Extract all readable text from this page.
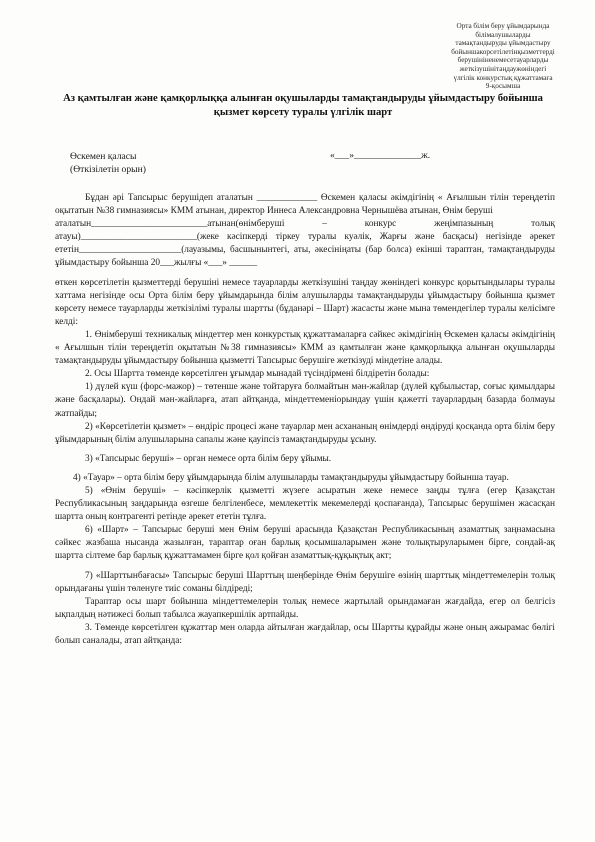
Орта білім беру ұйымдарында
білімалушыларды
тамақтандыруды ұйымдастыру
бойыншакорсетілетінқызметтерді
берушініненемесетауарларды
жеткізушінітаңдаужөніндегі
үлгілік конкурстық құжаттамаға
9-қосымша
Аз қамтылған және қамқорлыққа алынған оқушыларды тамақтандыруды ұйымдастыру бойынша қызмет көрсету туралы үлгілік шарт
Өскемен қаласы
(Өткізілетін орын)
«___»______________ж.

Бұдан әрі Тапсырыс берушідеп аталатын _____________ Өскемен қаласы әкімдігінің « Ағылшын тілін тереңдетіп оқытатын №38 гимназиясы» КММ атынан, директор Иннеса Александровна Чернышёва атынан, Өнім беруші

аталатын_________________________атынан(өнімберуші – конкурс жеңімпазының толық атауы)_________________________(жеке кәсіпкерді тіркеу туралы куәлік, Жарғы және басқасы) негізінде әрекет ететін______________________(лауазымы, басшынынтегі, аты, әкесініңаты (бар болса) екінші тараптан, тамақтандыруды ұйымдастыру бойынша 20___жылғы «___» ______

өткен көрсетілетін қызметтерді берушіні немесе тауарларды жеткізушіні таңдау жөніндегі конкурс қорытындылары туралы хаттама негізінде осы Орта білім беру ұйымдарында білім алушыларды тамақтандыруды ұйымдастыру бойынша қызмет көрсету немесе тауарларды жеткізілімі туралы шартты (бұданәрі – Шарт) жасасты және мына төмендегілер туралы келісімге келді:

1. Өнімберуші техникалық міндеттер мен конкурстық құжаттамаларға сәйкес әкімдігінің Өскемен қаласы әкімдігінің « Ағылшын тілін тереңдетіп оқытатын №38 гимназиясы» КММ аз қамтылған және қамқорлыққа алынған оқушыларды тамақтандыруды ұйымдастыру бойынша қызметті Тапсырыс берушіге жеткізуді міндетіне алады.

2. Осы Шартта төменде көрсетілген ұғымдар мынадай түсіндірмені білдіретін болады:

1) дүлей күш (форс-мажор) – төтенше және тойтаруға болмайтын мән-жайлар (дүлей құбылыстар, соғыс қимылдары және басқалары). Ондай мән-жайларға, атап айтқанда, міндеттеменіорындау үшін қажетті тауарлардың базарда болмауы жатпайды;

2) «Көрсетілетін қызмет» – өндіріс процесі және тауарлар мен асхананың өнімдерді өндіруді қосқанда орта білім беру ұйымдарының білім алушыларына сапалы және қауіпсіз тамақтандыруды ұсыну.

3) «Тапсырыс беруші» – орган немесе орта білім беру ұйымы.

4) «Тауар» – орта білім беру ұйымдарында білім алушыларды тамақтандыруды ұйымдастыру бойынша тауар.

5) «Өнім беруші» – кәсіпкерлік қызметті жүзеге асыратын жеке немесе заңды тұлға (егер Қазақстан Республикасының заңдарында өзгеше белгіленбесе, мемлекеттік мекемелерді қоспағанда), Тапсырыс берушімен жасасқан шартта оның контрагенті ретінде әрекет ететін тұлға.

6) «Шарт» – Тапсырыс беруші мен Өнім беруші арасында Қазақстан Республикасының азаматтық заңнамасына сәйкес жазбаша нысанда жазылған, тараптар оған барлық қосымшаларымен және толықтыруларымен бірге, сондай-ақ шартта сілтеме бар барлық құжаттамамен бірге қол қойған азаматтық-құқықтық акт;

7) «Шарттынбағасы» Тапсырыс беруші Шарттың шеңберінде Өнім берушіге өзінің шарттық міндеттемелерін толық орындағаны үшін төленуге тиіс соманы білдіреді;

Тараптар осы шарт бойынша міндеттемелерін толық немесе жартылай орындамаған жағдайда, егер ол белгісіз ықпалдың нәтижесі болып табылса жауапкершілік артпайды.

3. Төменде көрсетілген құжаттар мен оларда айтылған жағдайлар, осы Шартты құрайды және оның ажырамас бөлігі болып саналады, атап айтқанда:
